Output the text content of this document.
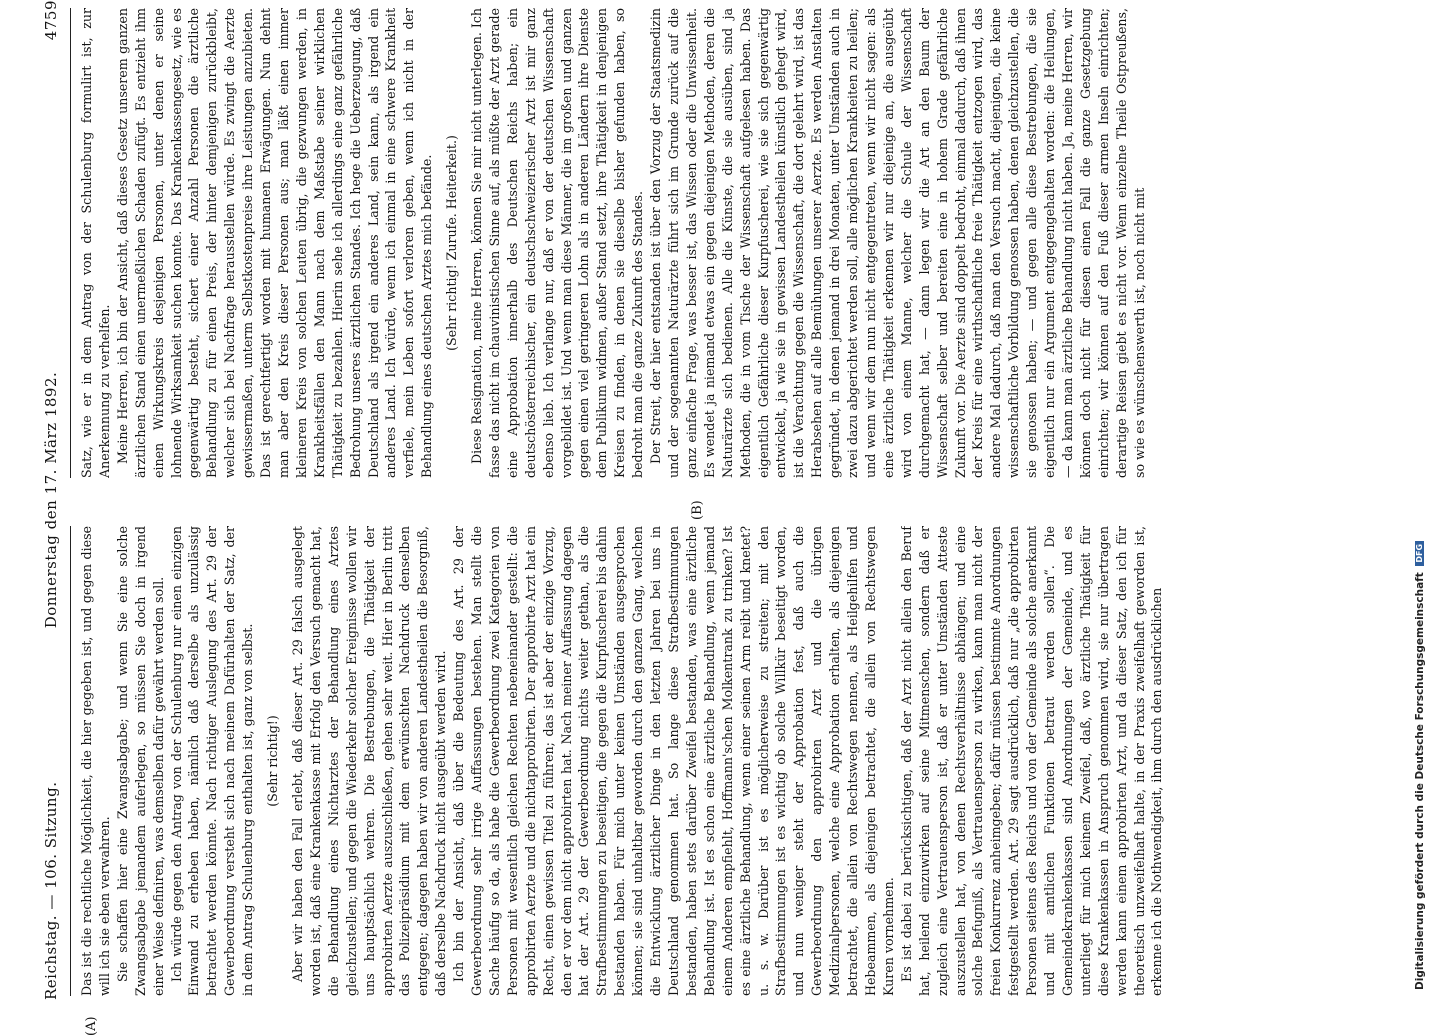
Reichstag. — 106. Sitzung.
Donnerstag den 17. März 1892.
4759
(A)
(B)

Das ist die rechtliche Möglichkeit, die hier gegeben ist, und gegen diese will ich sie eben verwahren. Sie schaffen hier eine Zwangsabgabe; und wenn Sie eine solche Zwangsabgabe jemandem auferlegen, so müssen Sie doch in irgend einer Weise definiren, was demselben dafür gewährt werden soll. Ich würde gegen den Antrag von der Schulenburg nur einen einzigen Einwand zu erheben haben, nämlich daß derselbe als unzulässig betrachtet werden könnte. Nach richtiger Auslegung des Art. 29 der Gewerbeordnung versteht sich nach meinem Dafürhalten der Satz, der in dem Antrag Schulenburg enthalten ist, ganz von selbst. (Sehr richtig!) Aber wir haben den Fall erlebt, daß dieser Art. 29 falsch ausgelegt worden ist, daß eine Krankenkasse mit Erfolg den Versuch gemacht hat, die Behandlung eines Nichtarztes der Behandlung eines Arztes gleichzustellen; und gegen die Wiederkehr solcher Ereignisse wollen wir uns hauptsächlich wehren. Die Bestrebungen, die Thätigkeit der approbirten Aerzte auszuschließen, gehen sehr weit. Hier in Berlin tritt das Polizeipräsidium mit dem erwünschten Nachdruck denselben entgegen; dagegen haben wir von anderen Landestheilen die Besorgniß, daß derselbe Nachdruck nicht ausgeübt werden wird. Ich bin der Ansicht, daß über die Bedeutung des Art. 29 der Gewerbeordnung sehr irrige Auffassungen bestehen. Man stellt die Sache häufig so da, als habe die Gewerbeordnung zwei Kategorien von Personen mit wesentlich gleichen Rechten nebeneinander gestellt: die approbirten Aerzte und die nichtapprobirten. Der approbirte Arzt hat ein Recht, einen gewissen Titel zu führen; das ist aber der einzige Vorzug, den er vor dem nicht approbirten hat. Nach meiner Auffassung dagegen hat der Art. 29 der Gewerbeordnung nichts weiter gethan, als die Strafbestimmungen zu beseitigen, die gegen die Kurpfuscherei bis dahin bestanden haben. Für mich unter keinen Umständen ausgesprochen können; sie sind unhaltbar geworden durch den ganzen Gang, welchen die Entwicklung ärztlicher Dinge in den letzten Jahren bei uns in Deutschland genommen hat. So lange diese Strafbestimmungen bestanden, haben stets darüber Zweifel bestanden, was eine ärztliche Behandlung ist. Ist es schon eine ärztliche Behandlung, wenn jemand einem Anderen empfiehlt, Hoffmann'schen Molkentrank zu trinken? Ist es eine ärztliche Behandlung, wenn einer seinen Arm reibt und knetet? u. s. w. Darüber ist es möglicherweise zu streiten; mit den Strafbestimmungen ist es wichtig ob solche Willkür beseitigt worden, und nun weniger steht der Approbation fest, daß auch die Gewerbeordnung den approbirten Arzt und die übrigen Medizinalpersonen, welche eine Approbation erhalten, als diejenigen betrachtet, die allein von Rechtswegen nennen, als Heilgehilfen und Hebeammen, als diejenigen betrachtet, die allein von Rechtswegen Kuren vornehmen. Es ist dabei zu berücksichtigen, daß der Arzt nicht allein den Beruf hat, heilend einzuwirken auf seine Mitmenschen, sondern daß er zugleich eine Vertrauensperson ist, daß er unter Umständen Atteste auszustellen hat, von denen Rechtsverhältnisse abhängen; und eine solche Befugniß, als Vertrauensperson zu wirken, kann man nicht der freien Konkurrenz anheimgeben; dafür müssen bestimmte Anordnungen festgestellt werden. Art. 29 sagt ausdrücklich, daß nur „die approbirten Personen seitens des Reichs und von der Gemeinde als solche anerkannt und mit amtlichen Funktionen betraut werden sollen“. Die Gemeindekrankenkassen sind Anordnungen der Gemeinde, und es unterliegt für mich keinem Zweifel, daß, wo ärztliche Thätigkeit für diese Krankenkassen in Anspruch genommen wird, sie nur übertragen werden kann einem approbirten Arzt, und da dieser Satz, den ich für theoretisch unzweifelhaft halte, in der Praxis zweifelhaft geworden ist, erkenne ich die Nothwendigkeit, ihm durch den ausdrücklichen

Satz, wie er in dem Antrag von der Schulenburg formulirt ist, zur Anerkennung zu verhelfen. Meine Herren, ich bin der Ansicht, daß dieses Gesetz unserem ganzen ärztlichen Stand einen unermeßlichen Schaden zufügt. Es entzieht ihm einen Wirkungskreis desjenigen Personen, unter denen er seine lohnende Wirksamkeit suchen konnte. Das Krankenkassengesetz, wie es gegenwärtig besteht, sichert einer Anzahl Personen die ärztliche Behandlung zu für einen Preis, der hinter demjenigen zurückbleibt, welcher sich bei Nachfrage herausstellen würde. Es zwingt die Aerzte gewissermaßen, unterm Selbstkostenpreise ihre Leistungen anzubieten. Das ist gerechtfertigt worden mit humanen Erwägungen. Nun dehnt man aber den Kreis dieser Personen aus; man läßt einen immer kleineren Kreis von solchen Leuten übrig, die gezwungen werden, in Krankheitsfällen den Mann nach dem Maßstabe seiner wirklichen Thätigkeit zu bezahlen. Hierin sehe ich allerdings eine ganz gefährliche Bedrohung unseres ärztlichen Standes. Ich hege die Ueberzeugung, daß Deutschland als irgend ein anderes Land, sein kann, als irgend ein anderes Land. Ich würde, wenn ich einmal in eine schwere Krankheit verfiele, mein Leben sofort verloren geben, wenn ich nicht in der Behandlung eines deutschen Arztes mich befände. (Sehr richtig! Zurufe. Heiterkeit.) Diese Resignation, meine Herren, können Sie mir nicht unterlegen. Ich fasse das nicht im chauvinistischen Sinne auf, als müßte der Arzt gerade eine Approbation innerhalb des Deutschen Reichs haben; ein deutschösterreichischer, ein deutschschweizerischer Arzt ist mir ganz ebenso lieb. Ich verlange nur, daß er von der deutschen Wissenschaft vorgebildet ist. Und wenn man diese Männer, die im großen und ganzen gegen einen viel geringeren Lohn als in anderen Ländern ihre Dienste dem Publikum widmen, außer Stand setzt, ihre Thätigkeit in denjenigen Kreisen zu finden, in denen sie dieselbe bisher gefunden haben, so bedroht man die ganze Zukunft des Standes. Der Streit, der hier entstanden ist über den Vorzug der Staatsmedizin und der sogenannten Naturärzte führt sich im Grunde zurück auf die ganz einfache Frage, was besser ist, das Wissen oder die Unwissenheit. Es wendet ja niemand etwas ein gegen diejenigen Methoden, deren die Naturärzte sich bedienen. Alle die Künste, die sie ausüben, sind ja Methoden, die in vom Tische der Wissenschaft aufgelesen haben. Das eigentlich Gefährliche dieser Kurpfuscherei, wie sie sich gegenwärtig entwickelt, ja wie sie in gewissen Landestheilen künstlich gehegt wird, ist die Verachtung gegen die Wissenschaft, die dort gelehrt wird, ist das Herabsehen auf alle Bemühungen unserer Aerzte. Es werden Anstalten gegründet, in denen jemand in drei Monaten, unter Umständen auch in zwei dazu abgerichtet werden soll, alle möglichen Krankheiten zu heilen; und wenn wir dem nun nicht entgegentreten, wenn wir nicht sagen: als eine ärztliche Thätigkeit erkennen wir nur diejenige an, die ausgeübt wird von einem Manne, welcher die Schule der Wissenschaft durchgemacht hat, — dann legen wir die Art an den Baum der Wissenschaft selber und bereiten eine in hohem Grade gefährliche Zukunft vor. Die Aerzte sind doppelt bedroht, einmal dadurch, daß ihnen der Kreis für eine wirthschaftliche freie Thätigkeit entzogen wird, das andere Mal dadurch, daß man den Versuch macht, diejenigen, die keine wissenschaftliche Vorbildung genossen haben, denen gleichzustellen, die sie genossen haben; — und gegen alle diese Bestrebungen, die sie eigentlich nur ein Argument entgegengehalten worden: die Heilungen, — da kann man ärztliche Behandlung nicht haben. Ja, meine Herren, wir können doch nicht für diesen einen Fall die ganze Gesetzgebung einrichten; wir können auf den Fuß dieser armen Inseln einrichten; derartige Reisen giebt es nicht vor. Wenn einzelne Theile Ostpreußens, so wie es wünschenswerth ist, noch nicht mit

Digitalisierung gefördert durch die Deutsche Forschungsgemeinschaft DFG
